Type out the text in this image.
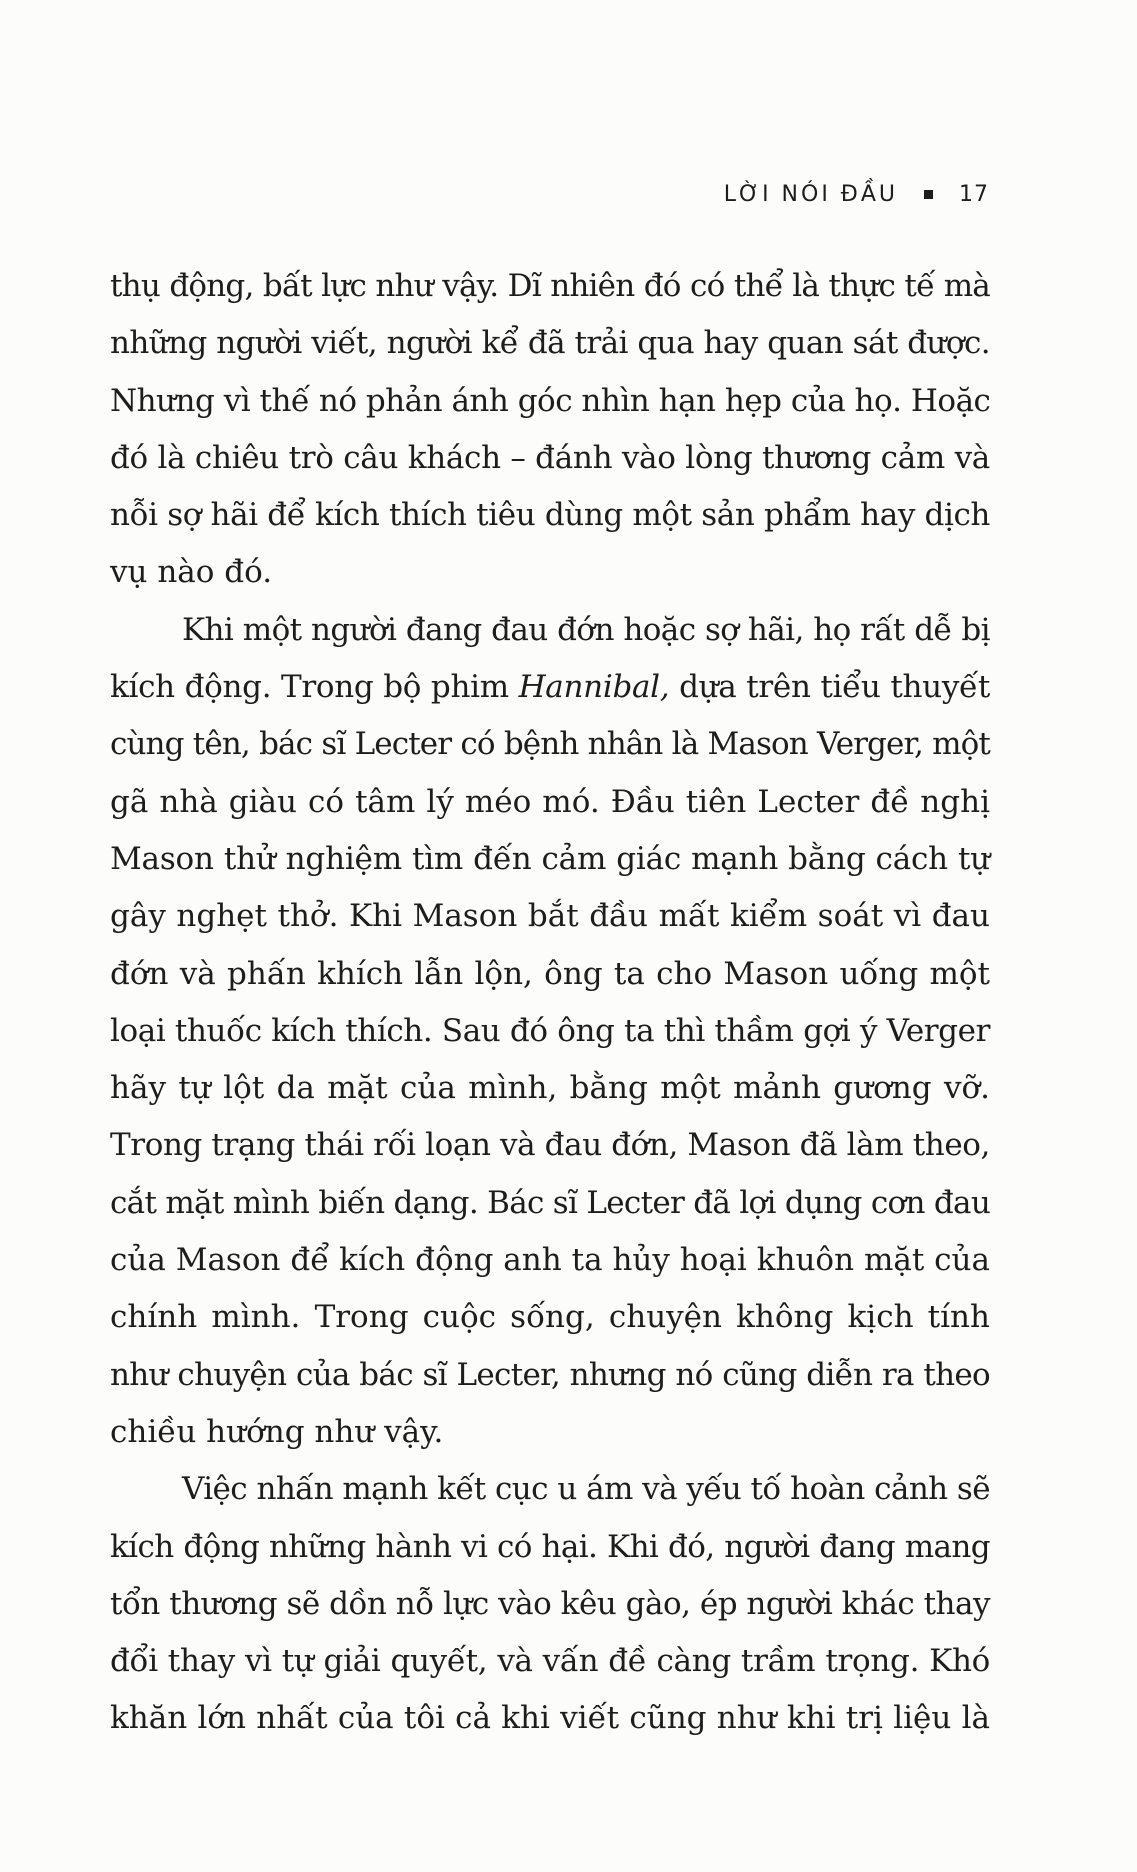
LỜI NÓI ĐẦU	17
thụ động, bất lực như vậy. Dĩ nhiên đó có thể là thực tế mà
những người viết, người kể đã trải qua hay quan sát được.
Nhưng vì thế nó phản ánh góc nhìn hạn hẹp của họ. Hoặc
đó là chiêu trò câu khách – đánh vào lòng thương cảm và
nỗi sợ hãi để kích thích tiêu dùng một sản phẩm hay dịch
vụ nào đó.
Khi một người đang đau đớn hoặc sợ hãi, họ rất dễ bị
kích động. Trong bộ phim Hannibal, dựa trên tiểu thuyết
cùng tên, bác sĩ Lecter có bệnh nhân là Mason Verger, một
gã nhà giàu có tâm lý méo mó. Đầu tiên Lecter đề nghị
Mason thử nghiệm tìm đến cảm giác mạnh bằng cách tự
gây nghẹt thở. Khi Mason bắt đầu mất kiểm soát vì đau
đớn và phấn khích lẫn lộn, ông ta cho Mason uống một
loại thuốc kích thích. Sau đó ông ta thì thầm gợi ý Verger
hãy tự lột da mặt của mình, bằng một mảnh gương vỡ.
Trong trạng thái rối loạn và đau đớn, Mason đã làm theo,
cắt mặt mình biến dạng. Bác sĩ Lecter đã lợi dụng cơn đau
của Mason để kích động anh ta hủy hoại khuôn mặt của
chính mình. Trong cuộc sống, chuyện không kịch tính
như chuyện của bác sĩ Lecter, nhưng nó cũng diễn ra theo
chiều hướng như vậy.
Việc nhấn mạnh kết cục u ám và yếu tố hoàn cảnh sẽ
kích động những hành vi có hại. Khi đó, người đang mang
tổn thương sẽ dồn nỗ lực vào kêu gào, ép người khác thay
đổi thay vì tự giải quyết, và vấn đề càng trầm trọng. Khó
khăn lớn nhất của tôi cả khi viết cũng như khi trị liệu là
